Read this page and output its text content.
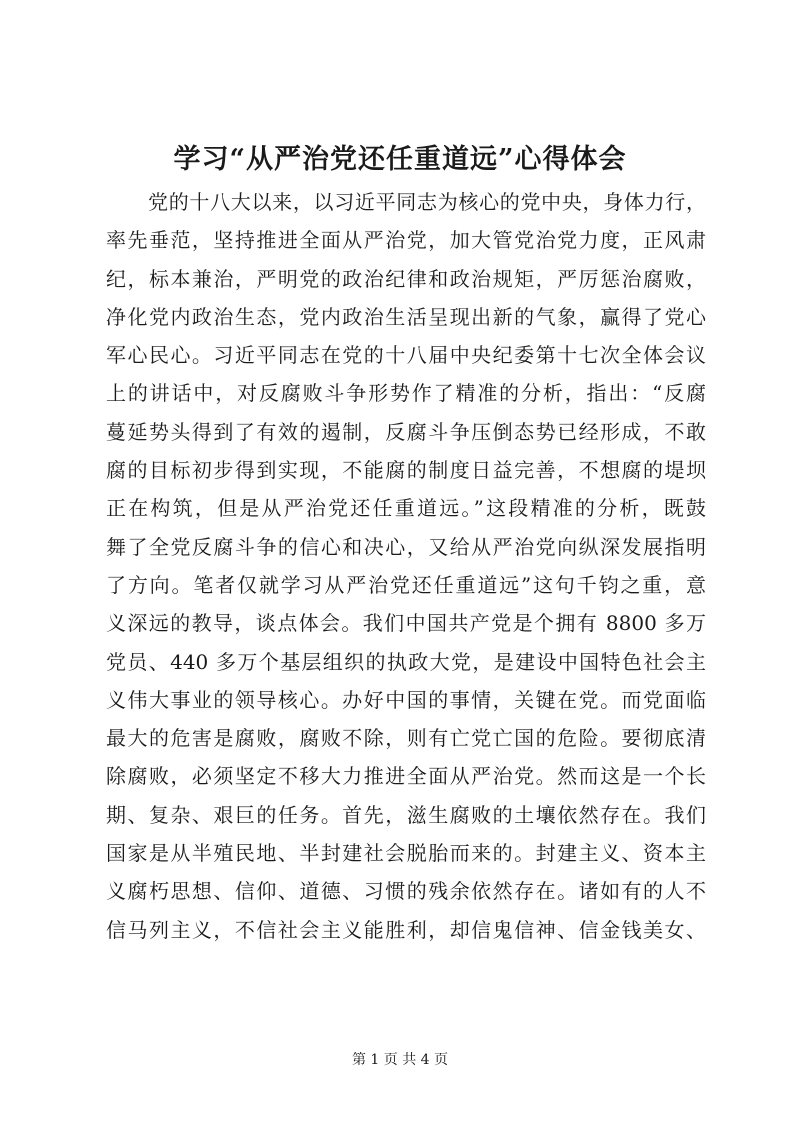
学习“从严治党还任重道远”心得体会
党的十八大以来，以习近平同志为核心的党中央，身体力行，
率先垂范，坚持推进全面从严治党，加大管党治党力度，正风肃
纪，标本兼治，严明党的政治纪律和政治规矩，严厉惩治腐败，
净化党内政治生态，党内政治生活呈现出新的气象，赢得了党心
军心民心。习近平同志在党的十八届中央纪委第十七次全体会议
上的讲话中，对反腐败斗争形势作了精准的分析，指出：“反腐
蔓延势头得到了有效的遏制，反腐斗争压倒态势已经形成，不敢
腐的目标初步得到实现，不能腐的制度日益完善，不想腐的堤坝
正在构筑，但是从严治党还任重道远。”这段精准的分析，既鼓
舞了全党反腐斗争的信心和决心，又给从严治党向纵深发展指明
了方向。笔者仅就学习从严治党还任重道远”这句千钧之重，意
义深远的教导，谈点体会。我们中国共产党是个拥有 8800 多万
党员、440 多万个基层组织的执政大党，是建设中国特色社会主
义伟大事业的领导核心。办好中国的事情，关键在党。而党面临
最大的危害是腐败，腐败不除，则有亡党亡国的危险。要彻底清
除腐败，必须坚定不移大力推进全面从严治党。然而这是一个长
期、复杂、艰巨的任务。首先，滋生腐败的土壤依然存在。我们
国家是从半殖民地、半封建社会脱胎而来的。封建主义、资本主
义腐朽思想、信仰、道德、习惯的残余依然存在。诸如有的人不
信马列主义，不信社会主义能胜利，却信鬼信神、信金钱美女、
第 1 页 共 4 页
